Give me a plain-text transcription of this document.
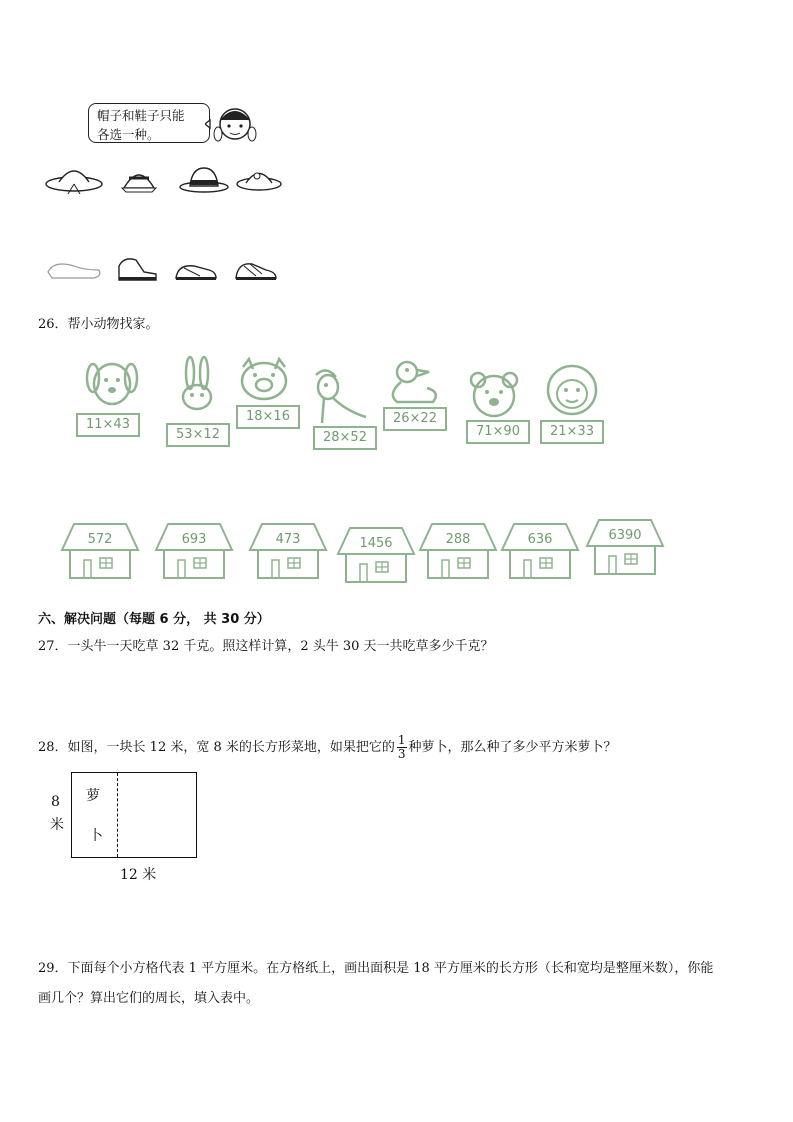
帽子和鞋子只能
各选一种。
26．帮小动物找家。
11×43
53×12
18×16
28×52
26×22
71×90	21×33
572	693	473	1456	288	636	6390
六、解决问题（每题 6 分， 共 30 分）
27．一头牛一天吃草 32 千克。照这样计算，2 头牛 30 天一共吃草多少千克？
28．如图，一块长 12 米，宽 8 米的长方形菜地，如果把它的 $\frac{1}{3}$ 种萝卜，那么种了多少平方米萝卜？
萝
卜
8
米
12 米
29．下面每个小方格代表 1 平方厘米。在方格纸上，画出面积是 18 平方厘米的长方形（长和宽均是整厘米数），你能
画几个？算出它们的周长，填入表中。
